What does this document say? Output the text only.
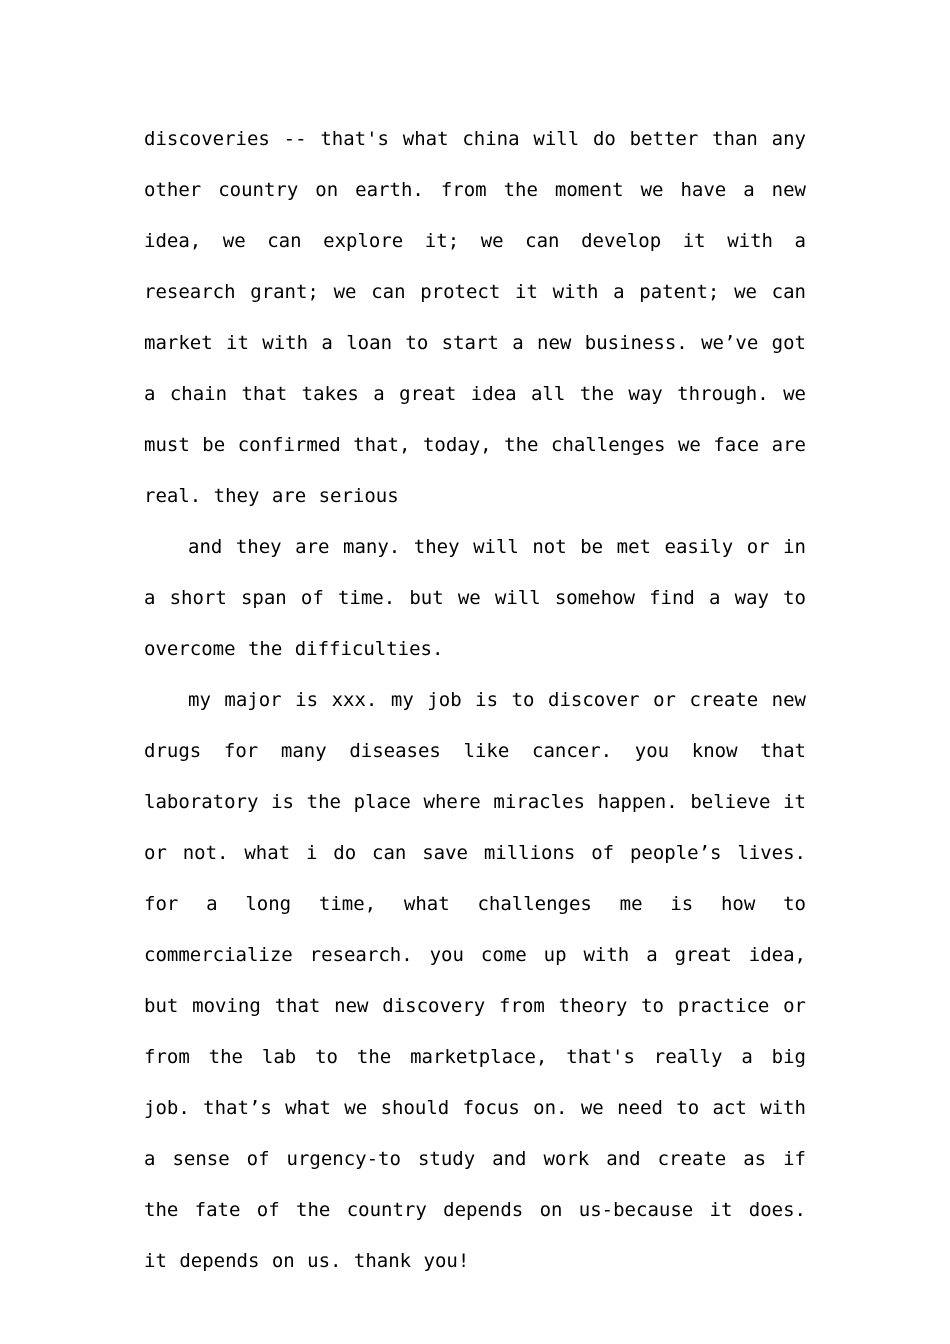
discoveries -- that's what china will do better than any other country on earth. from the moment we have a new idea, we can explore it; we can develop it with a research grant; we can protect it with a patent; we can market it with a loan to start a new business. we’ve got a chain that takes a great idea all the way through. we must be confirmed that, today, the challenges we face are real. they are serious

and they are many. they will not be met easily or in a short span of time. but we will somehow find a way to overcome the difficulties.

my major is xxx. my job is to discover or create new drugs for many diseases like cancer. you know that laboratory is the place where miracles happen. believe it or not. what i do can save millions of people’s lives. for a long time, what challenges me is how to commercialize research. you come up with a great idea, but moving that new discovery from theory to practice or from the lab to the marketplace, that's really a big job. that’s what we should focus on. we need to act with a sense of urgency-to study and work and create as if the fate of the country depends on us-because it does. it depends on us. thank you!
